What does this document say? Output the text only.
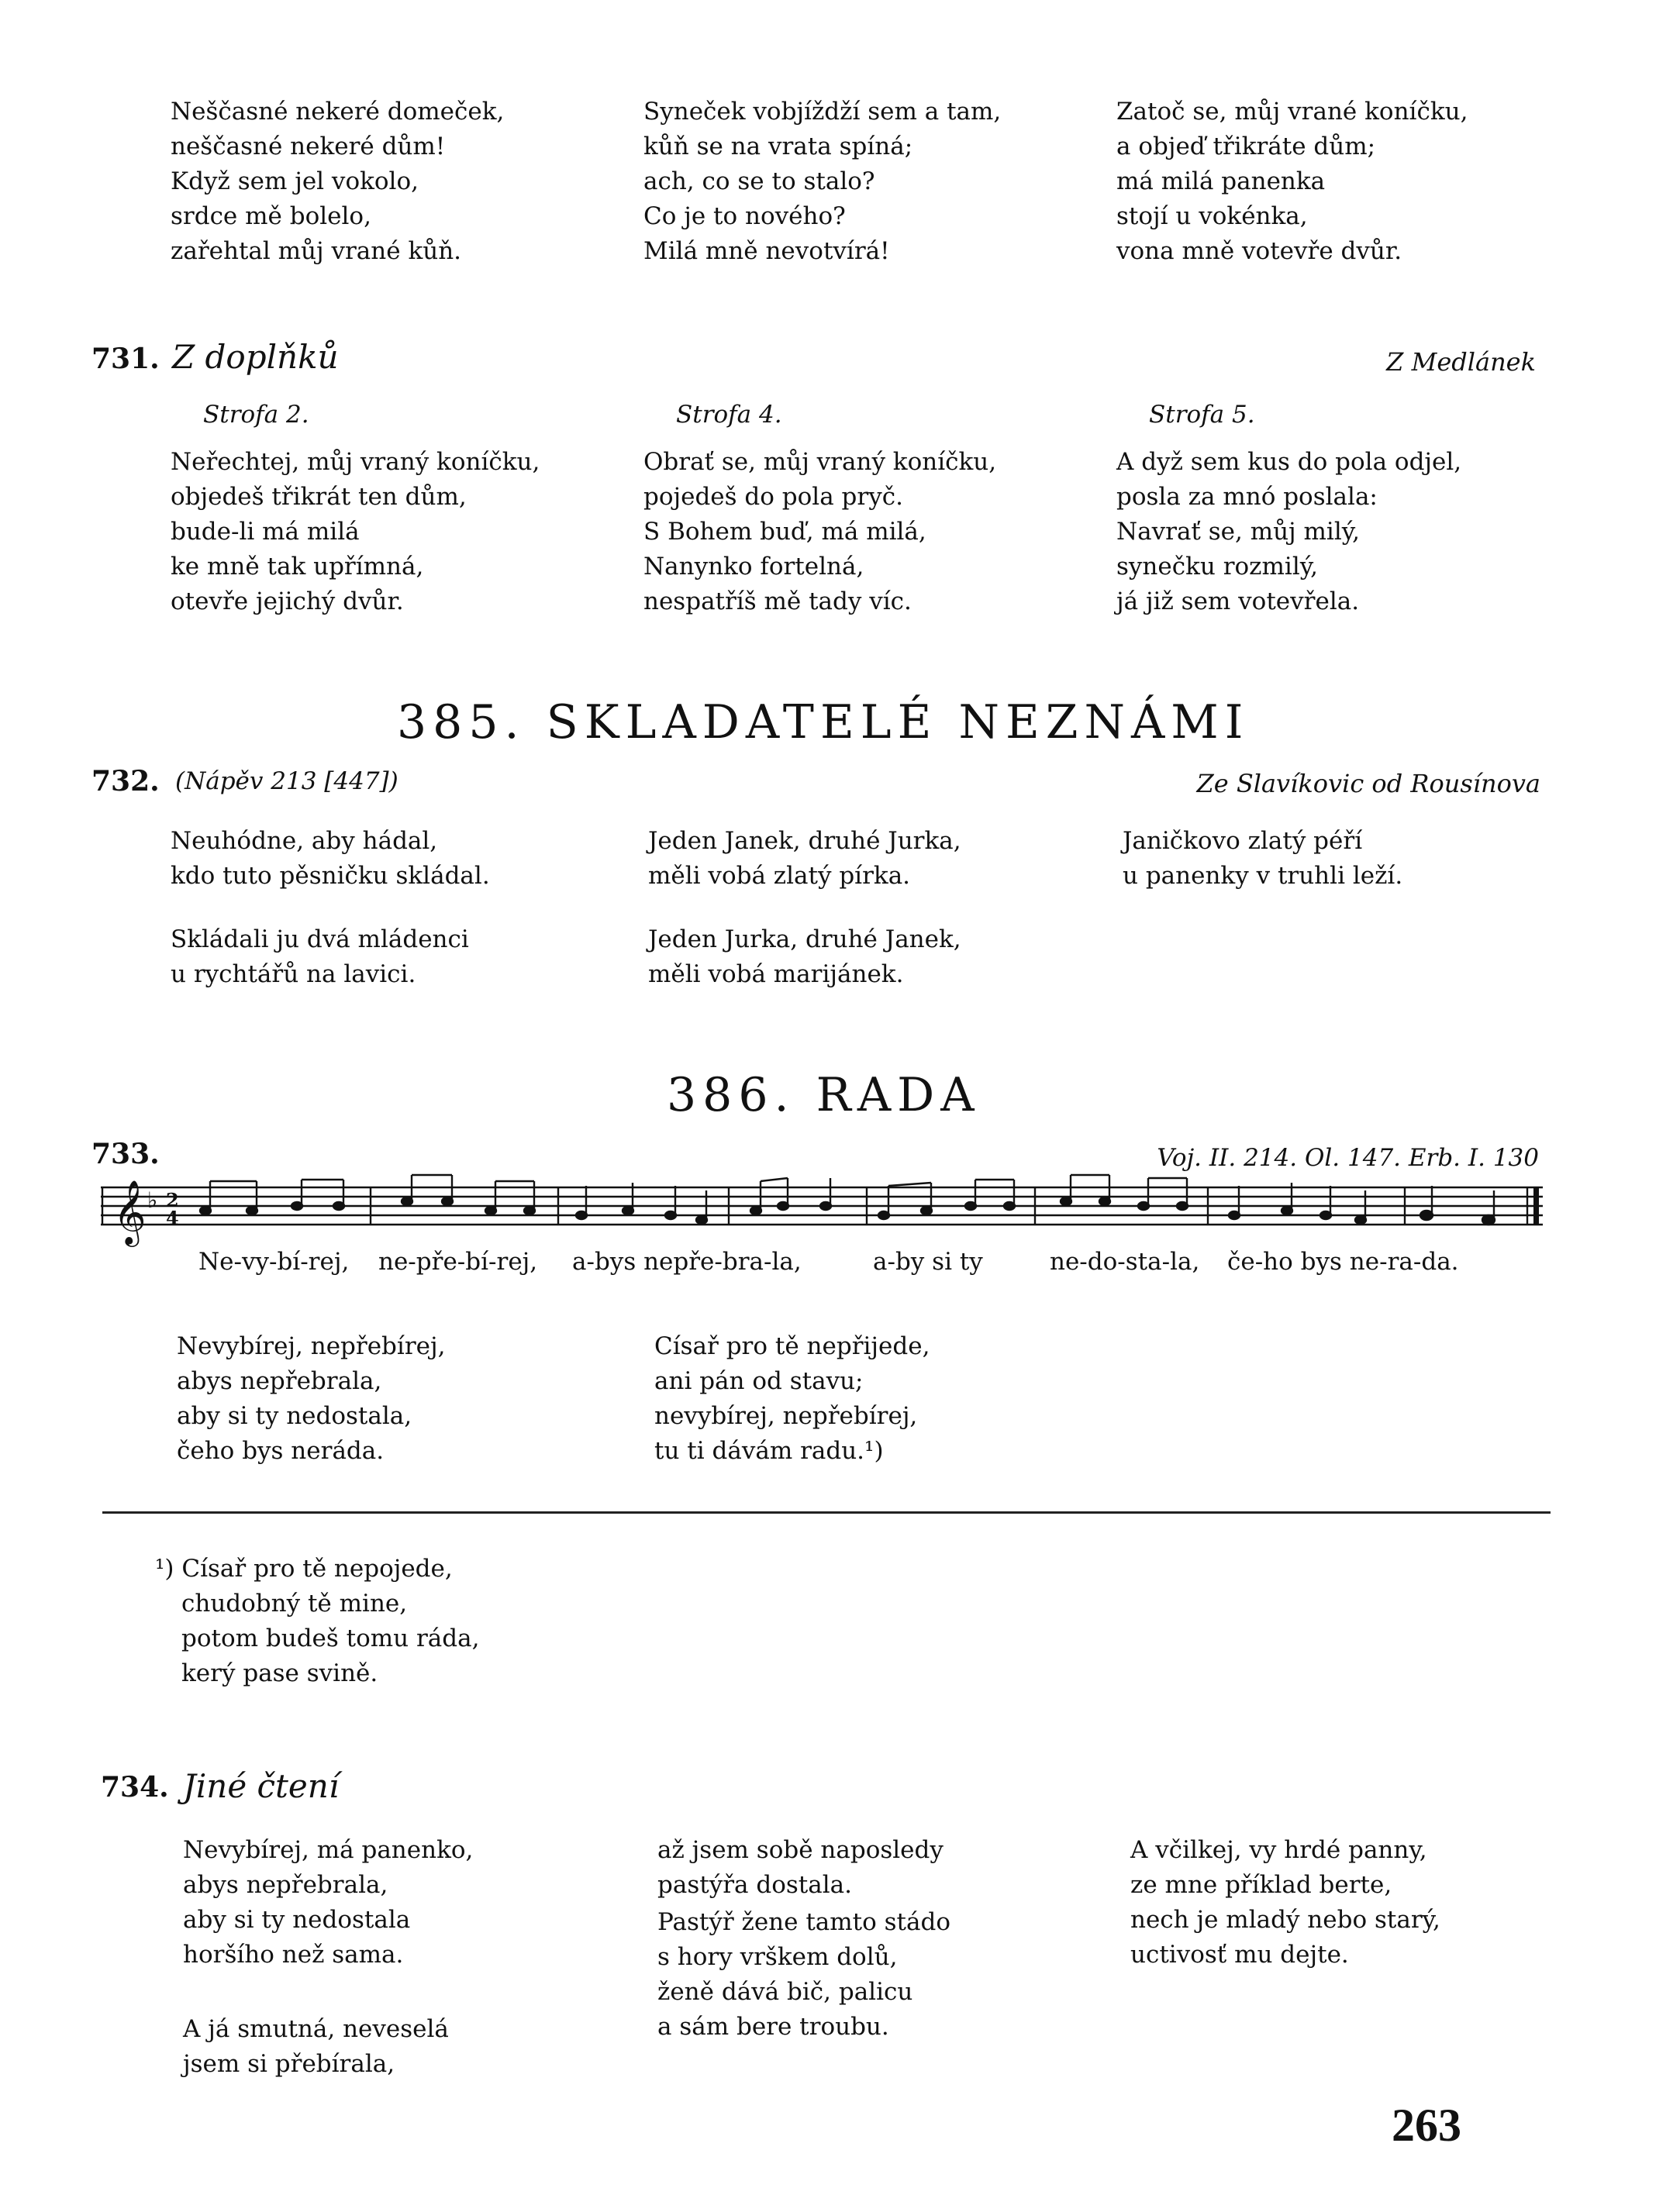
Neščasné nekeré domeček,
neščasné nekeré dům!
Když sem jel vokolo,
srdce mě bolelo,
zařehtal můj vrané kůň.
Syneček vobjíždží sem a tam,
kůň se na vrata spíná;
ach, co se to stalo?
Co je to nového?
Milá mně nevotvírá!
Zatoč se, můj vrané koníčku,
a objeď třikráte dům;
má milá panenka
stojí u vokénka,
vona mně votevře dvůr.
731. Z doplňků	Z Medlánek
Strofa 2.	Strofa 4.	Strofa 5.
Neřechtej, můj vraný koníčku,
objedeš třikrát ten dům,
bude-li má milá
ke mně tak upřímná,
otevře jejichý dvůr.
Obrať se, můj vraný koníčku,
pojedeš do pola pryč.
S Bohem buď, má milá,
Nanynko fortelná,
nespatříš mě tady víc.
A dyž sem kus do pola odjel,
posla za mnó poslala:
Navrať se, můj milý,
synečku rozmilý,
já již sem votevřela.
385. SKLADATELÉ NEZNÁMI
732. (Nápěv 213 [447])	Ze Slavíkovic od Rousínova
Neuhódne, aby hádal,
kdo tuto pěsničku skládal.
Skládali ju dvá mládenci
u rychtářů na lavici.
Jeden Janek, druhé Jurka,
měli vobá zlatý pírka.
Jeden Jurka, druhé Janek,
měli vobá marijánek.
Janičkovo zlatý péří
u panenky v truhli leží.
386. RADA
733.	Voj. II. 214. Ol. 147. Erb. I. 130
𝄞 ♭ 2
4
Ne-vy-bí-rej, ne-pře-bí-rej, a-bys nepře-bra-la,	a-by si ty	ne-do-sta-la, če-ho bys ne-ra-da.
Nevybírej, nepřebírej,
abys nepřebrala,
aby si ty nedostala,
čeho bys neráda.
Císař pro tě nepřijede,
ani pán od stavu;
nevybírej, nepřebírej,
tu ti dávám radu.¹)
¹) Císař pro tě nepojede,
chudobný tě mine,
potom budeš tomu ráda,
kerý pase svině.
734. Jiné čtení
Nevybírej, má panenko,
abys nepřebrala,
aby si ty nedostala
horšího než sama.
A já smutná, neveselá
jsem si přebírala,
až jsem sobě naposledy
pastýřa dostala.
Pastýř žene tamto stádo
s hory vrškem dolů,
ženě dává bič, palicu
a sám bere troubu.
A včilkej, vy hrdé panny,
ze mne příklad berte,
nech je mladý nebo starý,
uctivosť mu dejte.
263
